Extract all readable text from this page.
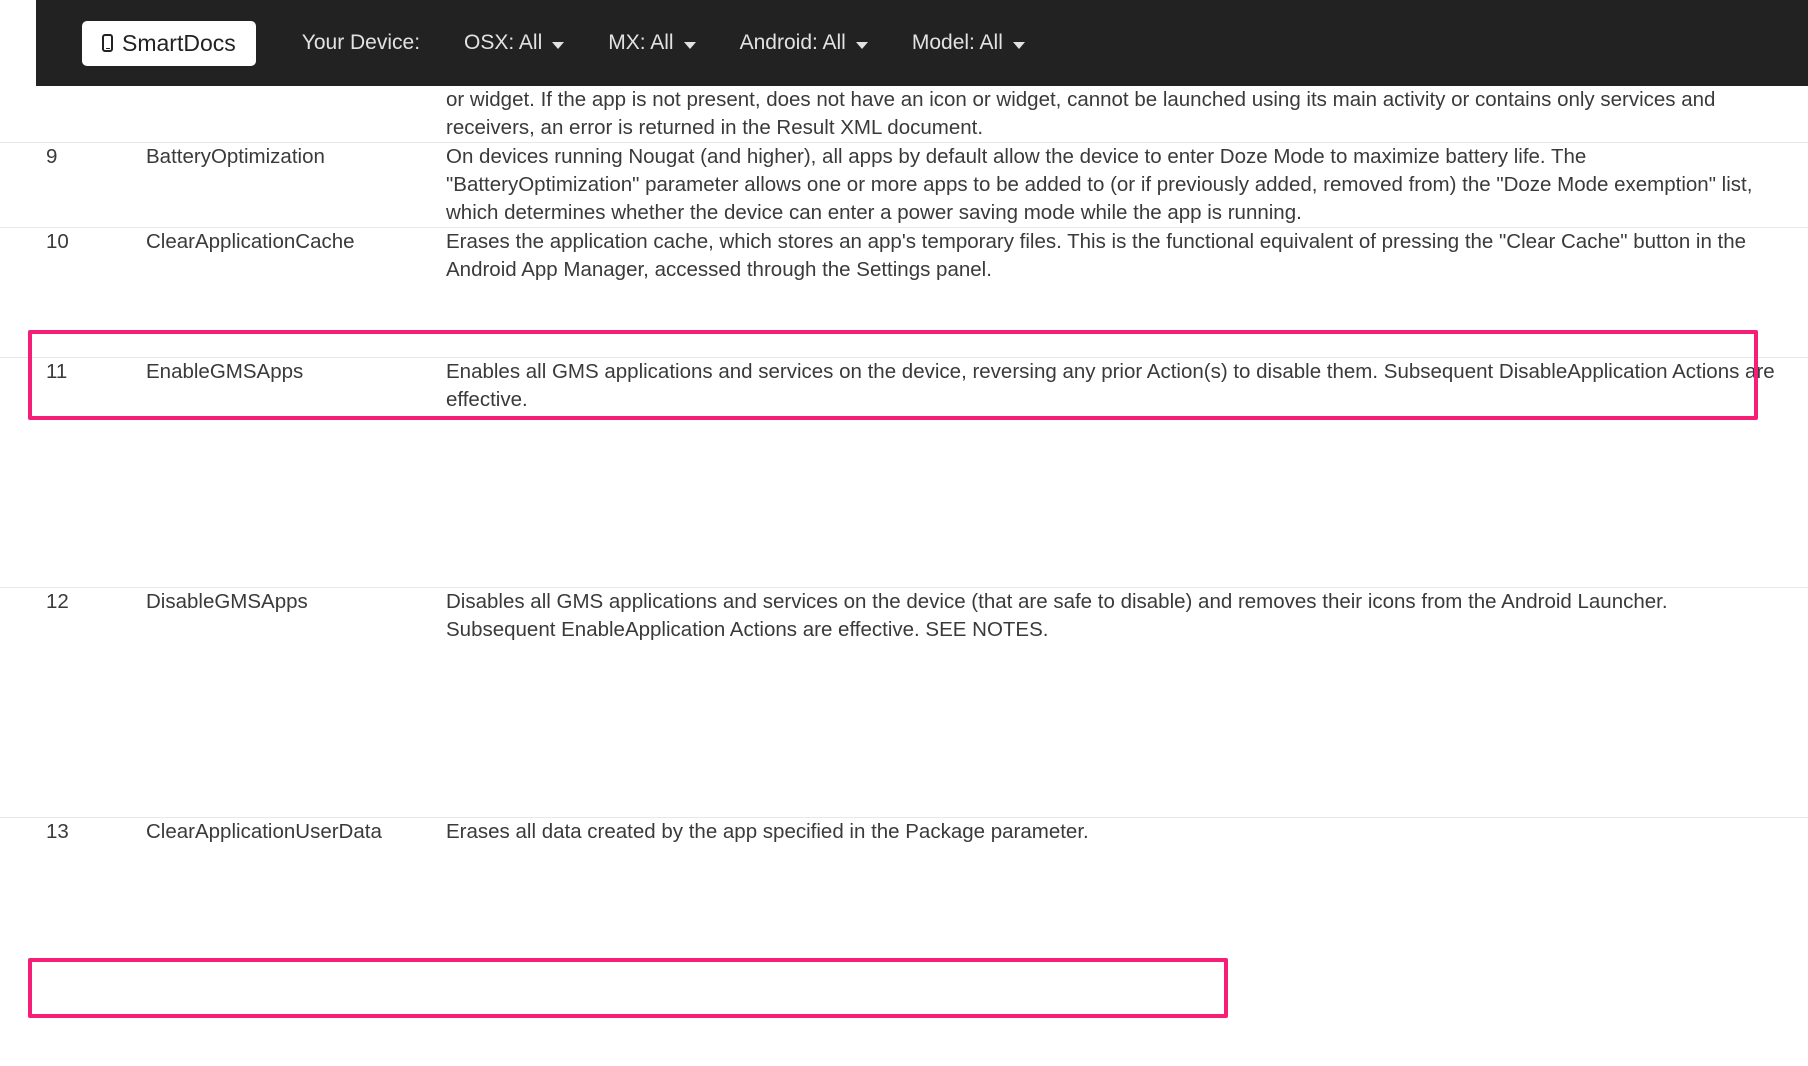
SmartDocs	Your Device: OSX: All	MX: All	Android: All	Model: All

		or widget. If the app is not present, does not have an icon or widget, cannot be launched using its main activity or contains only services and receivers, an error is returned in the Result XML document.

9	BatteryOptimization	On devices running Nougat (and higher), all apps by default allow the device to enter Doze Mode to maximize battery life. The "BatteryOptimization" parameter allows one or more apps to be added to (or if previously added, removed from) the "Doze Mode exemption" list, which determines whether the device can enter a power saving mode while the app is running.

10	ClearApplicationCache	Erases the application cache, which stores an app's temporary files. This is the functional equivalent of pressing the "Clear Cache" button in the Android App Manager, accessed through the Settings panel.

11	EnableGMSApps	Enables all GMS applications and services on the device, reversing any prior Action(s) to disable them. Subsequent DisableApplication Actions are effective.

12	DisableGMSApps	Disables all GMS applications and services on the device (that are safe to disable) and removes their icons from the Android Launcher. Subsequent EnableApplication Actions are effective. SEE NOTES.

13	ClearApplicationUserData	Erases all data created by the app specified in the Package parameter.
